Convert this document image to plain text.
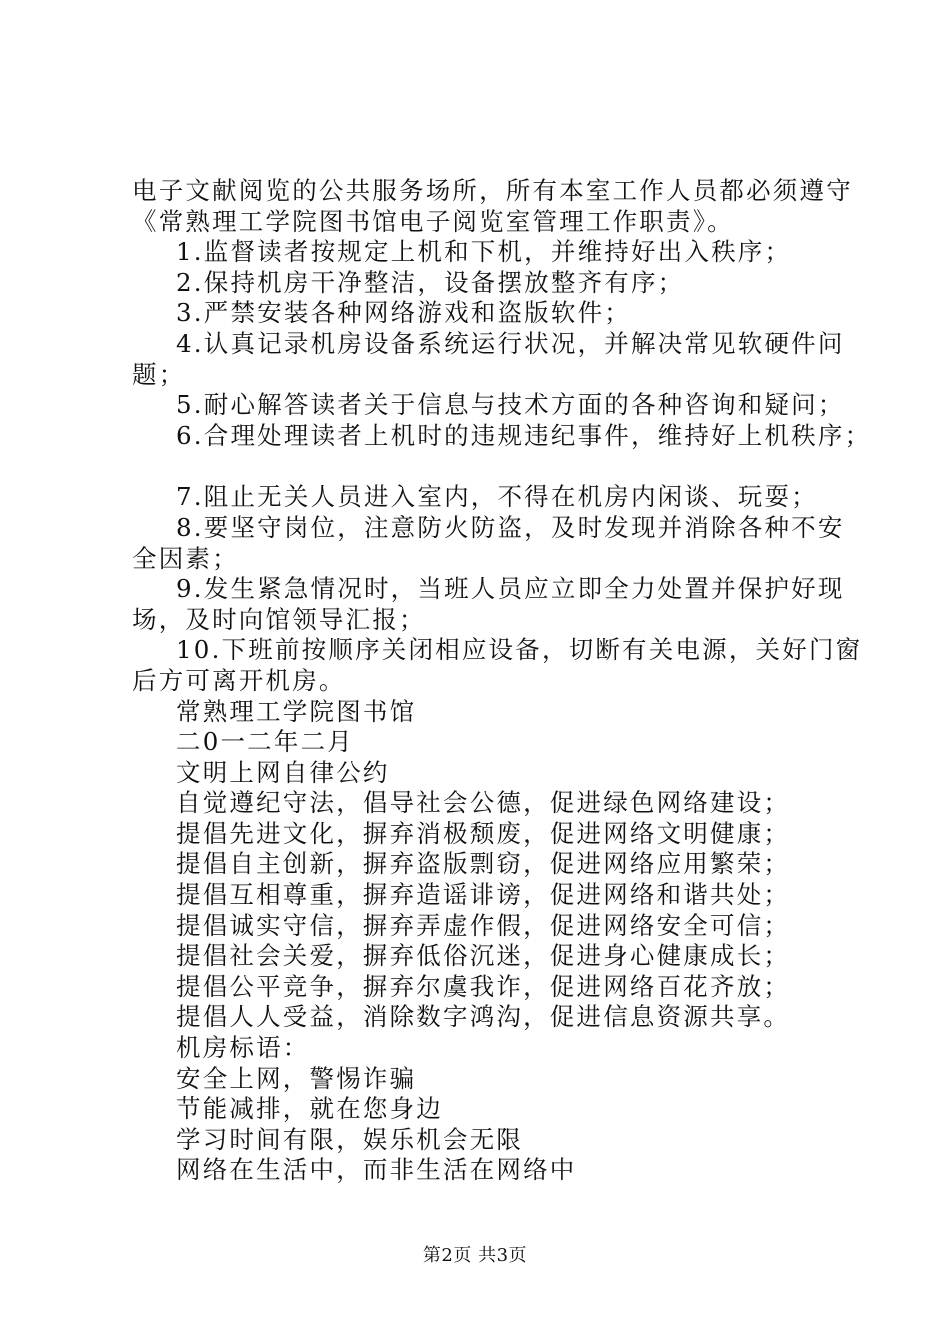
电子文献阅览的公共服务场所，所有本室工作人员都必须遵守
《常熟理工学院图书馆电子阅览室管理工作职责》。
1.监督读者按规定上机和下机，并维持好出入秩序；
2.保持机房干净整洁，设备摆放整齐有序；
3.严禁安装各种网络游戏和盗版软件；
4.认真记录机房设备系统运行状况，并解决常见软硬件问
题；
5.耐心解答读者关于信息与技术方面的各种咨询和疑问；
6.合理处理读者上机时的违规违纪事件，维持好上机秩序；
7.阻止无关人员进入室内，不得在机房内闲谈、玩耍；
8.要坚守岗位，注意防火防盗，及时发现并消除各种不安
全因素；
9.发生紧急情况时，当班人员应立即全力处置并保护好现
场，及时向馆领导汇报；
10.下班前按顺序关闭相应设备，切断有关电源，关好门窗
后方可离开机房。
常熟理工学院图书馆
二0一二年二月
文明上网自律公约
自觉遵纪守法，倡导社会公德，促进绿色网络建设；
提倡先进文化，摒弃消极颓废，促进网络文明健康；
提倡自主创新，摒弃盗版剽窃，促进网络应用繁荣；
提倡互相尊重，摒弃造谣诽谤，促进网络和谐共处；
提倡诚实守信，摒弃弄虚作假，促进网络安全可信；
提倡社会关爱，摒弃低俗沉迷，促进身心健康成长；
提倡公平竞争，摒弃尔虞我诈，促进网络百花齐放；
提倡人人受益，消除数字鸿沟，促进信息资源共享。
机房标语：
安全上网，警惕诈骗
节能减排，就在您身边
学习时间有限，娱乐机会无限
网络在生活中，而非生活在网络中
第2页 共3页
